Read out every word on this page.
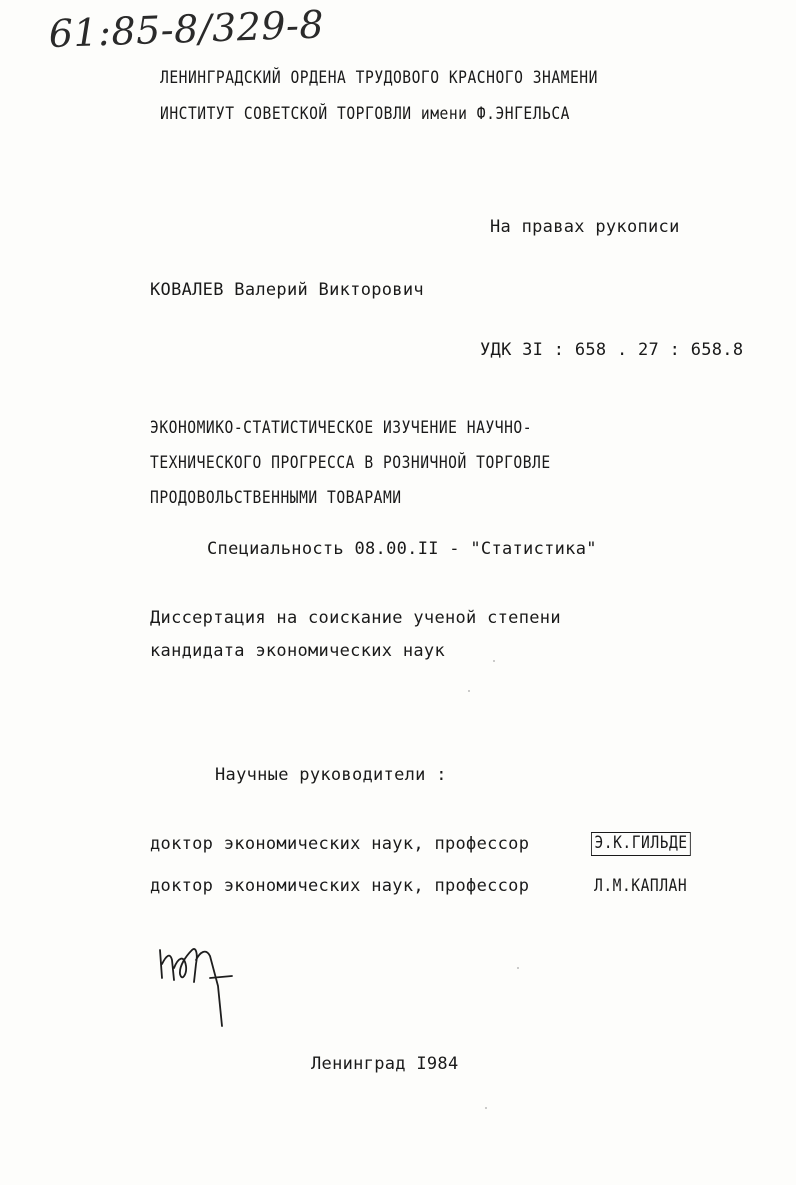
61:85-8/329-8
ЛЕНИНГРАДСКИЙ ОРДЕНА ТРУДОВОГО КРАСНОГО ЗНАМЕНИ
ИНСТИТУТ СОВЕТСКОЙ ТОРГОВЛИ имени Ф.ЭНГЕЛЬСА
На правах рукописи
КОВАЛЕВ Валерий Викторович
УДК 3I : 658 . 27 : 658.8
ЭКОНОМИКО-СТАТИСТИЧЕСКОЕ ИЗУЧЕНИЕ НАУЧНО-
ТЕХНИЧЕСКОГО ПРОГРЕССА В РОЗНИЧНОЙ ТОРГОВЛЕ
ПРОДОВОЛЬСТВЕННЫМИ ТОВАРАМИ
Специальность 08.00.II - "Статистика"
Диссертация на соискание ученой степени
кандидата экономических наук
Научные руководители :
доктор экономических наук, профессор	Э.К.ГИЛЬДЕ
доктор экономических наук, профессор	Л.М.КАПЛАН
Ленинград I984
